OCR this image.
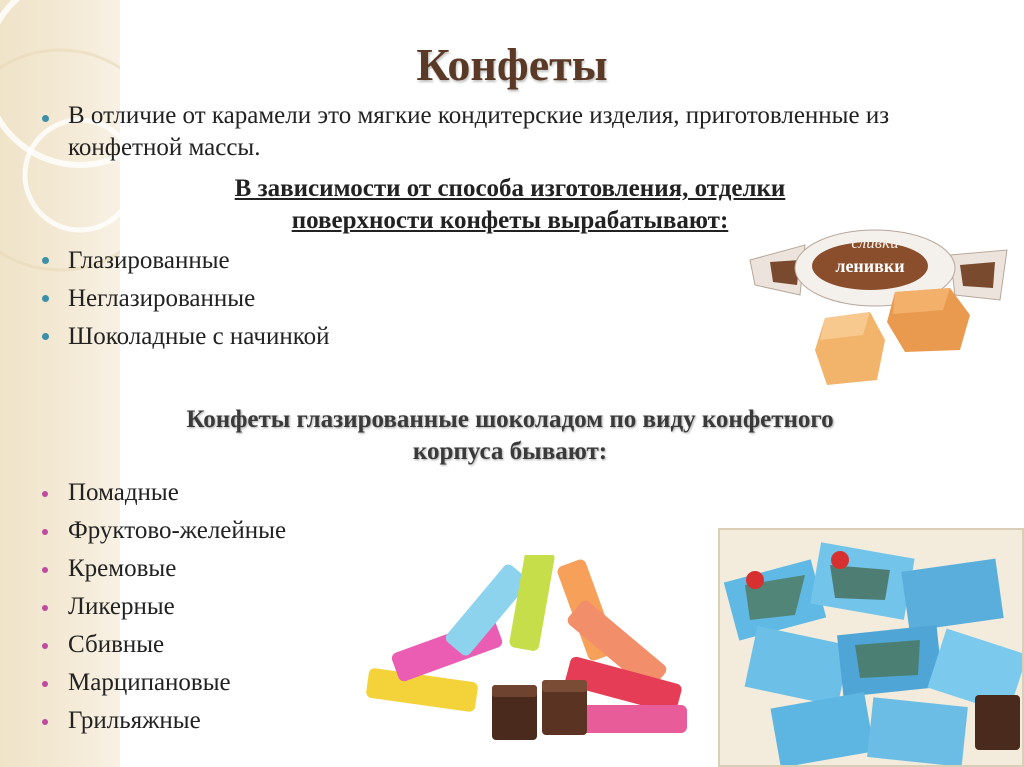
Конфеты
В отличие от карамели это мягкие кондитерские изделия, приготовленные из конфетной массы.
В зависимости от способа изготовления, отделки
поверхности конфеты вырабатывают:
Глазированные
Неглазированные
Шоколадные с начинкой
Конфеты глазированные шоколадом по виду конфетного
корпуса бывают:
Помадные
Фруктово-желейные
Кремовые
Ликерные
Сбивные
Марципановые
Грильяжные
сливки
ленивки
